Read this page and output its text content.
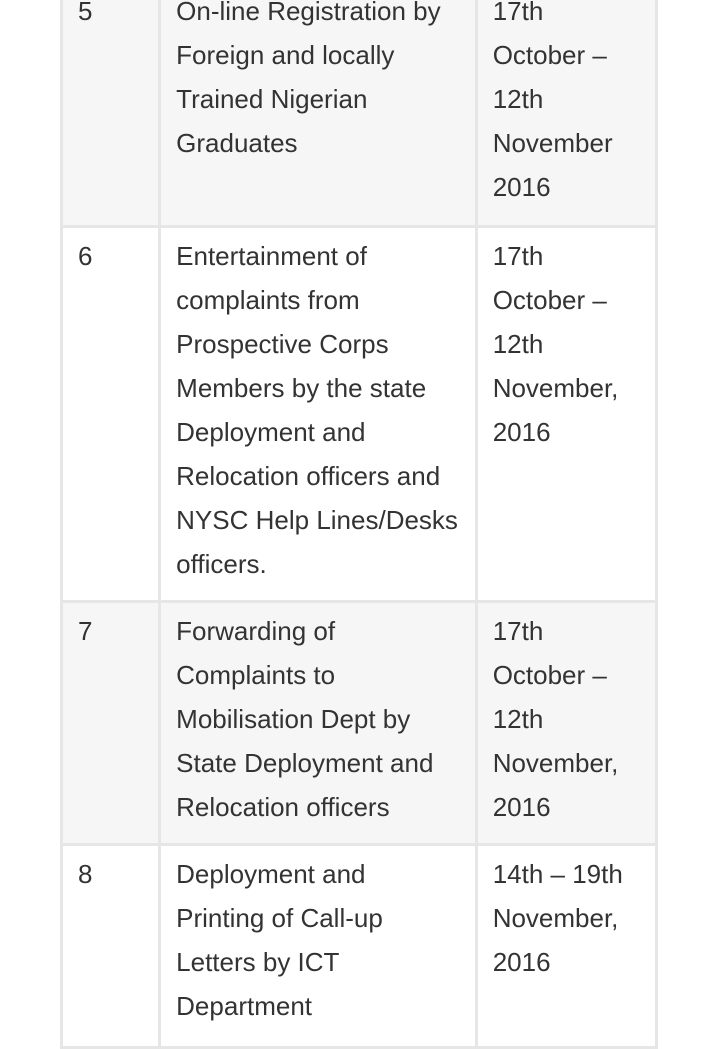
5	On-line Registration by Foreign and locally Trained Nigerian Graduates	17th October – 12th November 2016

6	Entertainment of complaints from Prospective Corps Members by the state Deployment and Relocation officers and NYSC Help Lines/Desks officers.	17th October – 12th November, 2016

7	Forwarding of Complaints to Mobilisation Dept by State Deployment and Relocation officers	17th October – 12th November, 2016

8	Deployment and Printing of Call-up Letters by ICT Department	14th – 19th November, 2016
